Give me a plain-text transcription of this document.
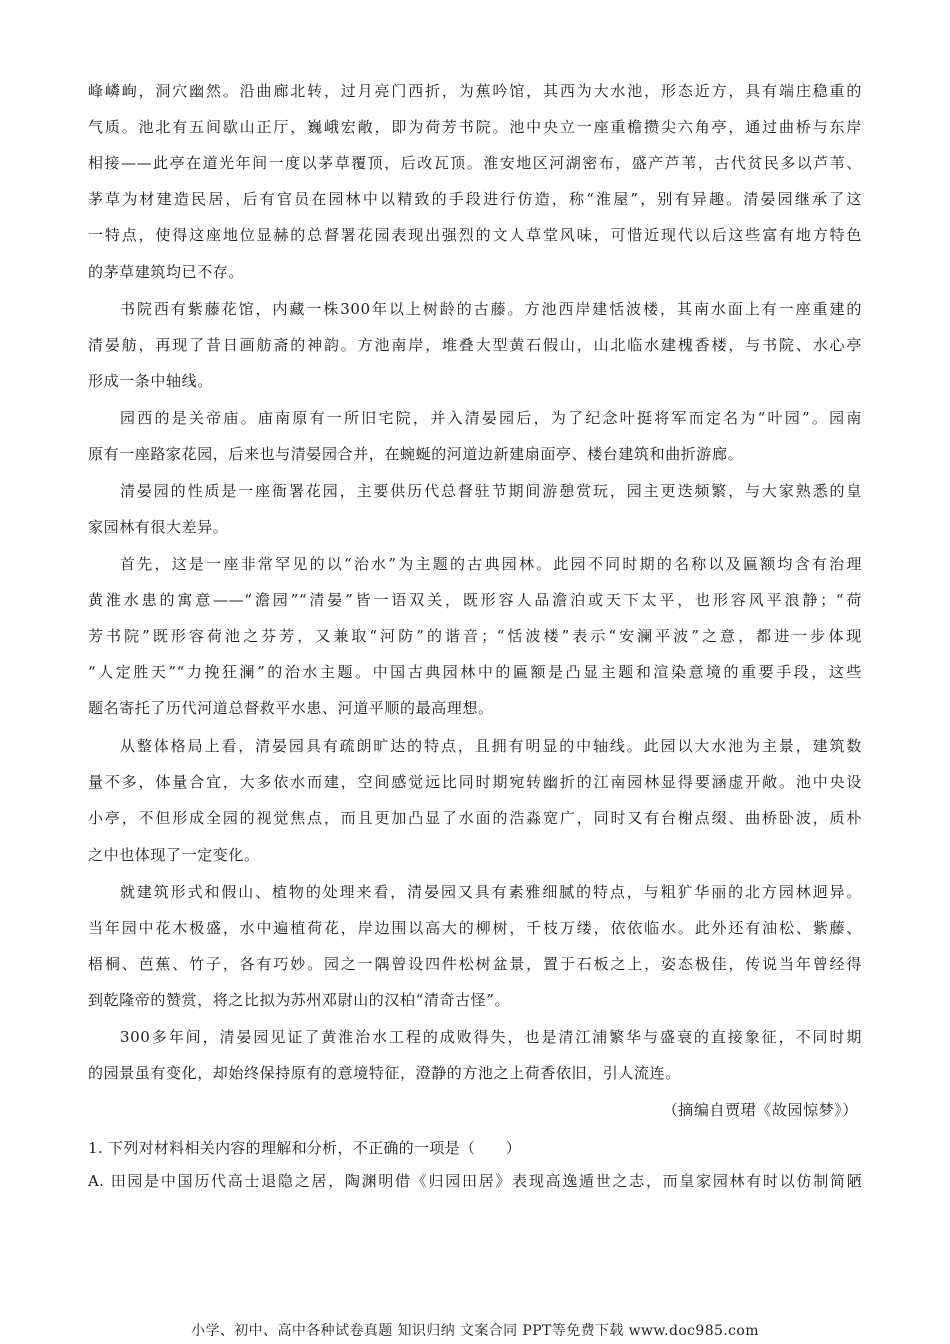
峰嶙峋，洞穴幽然。沿曲廊北转，过月亮门西折，为蕉吟馆，其西为大水池，形态近方，具有端庄稳重的
气质。池北有五间歇山正厅，巍峨宏敞，即为荷芳书院。池中央立一座重檐攒尖六角亭，通过曲桥与东岸
相接——此亭在道光年间一度以茅草覆顶，后改瓦顶。淮安地区河湖密布，盛产芦苇，古代贫民多以芦苇、
茅草为材建造民居，后有官员在园林中以精致的手段进行仿造，称“淮屋”，别有异趣。清晏园继承了这
一特点，使得这座地位显赫的总督署花园表现出强烈的文人草堂风味，可惜近现代以后这些富有地方特色
的茅草建筑均已不存。
书院西有紫藤花馆，内藏一株300年以上树龄的古藤。方池西岸建恬波楼，其南水面上有一座重建的
清晏舫，再现了昔日画舫斋的神韵。方池南岸，堆叠大型黄石假山，山北临水建槐香楼，与书院、水心亭
形成一条中轴线。
园西的是关帝庙。庙南原有一所旧宅院，并入清晏园后，为了纪念叶挺将军而定名为“叶园”。园南
原有一座路家花园，后来也与清晏园合并，在蜿蜒的河道边新建扇面亭、楼台建筑和曲折游廊。
清晏园的性质是一座衙署花园，主要供历代总督驻节期间游憩赏玩，园主更迭频繁，与大家熟悉的皇
家园林有很大差异。
首先，这是一座非常罕见的以“治水”为主题的古典园林。此园不同时期的名称以及匾额均含有治理
黄淮水患的寓意——“澹园”“清晏”皆一语双关，既形容人品澹泊或天下太平，也形容风平浪静；“荷
芳书院”既形容荷池之芬芳，又兼取“河防”的谐音；“恬波楼”表示“安澜平波”之意，都进一步体现
“人定胜天”“力挽狂澜”的治水主题。中国古典园林中的匾额是凸显主题和渲染意境的重要手段，这些
题名寄托了历代河道总督救平水患、河道平顺的最高理想。
从整体格局上看，清晏园具有疏朗旷达的特点，且拥有明显的中轴线。此园以大水池为主景，建筑数
量不多，体量合宜，大多依水而建，空间感觉远比同时期宛转幽折的江南园林显得要涵虚开敞。池中央设
小亭，不但形成全园的视觉焦点，而且更加凸显了水面的浩淼宽广，同时又有台榭点缀、曲桥卧波，质朴
之中也体现了一定变化。
就建筑形式和假山、植物的处理来看，清晏园又具有素雅细腻的特点，与粗犷华丽的北方园林迥异。
当年园中花木极盛，水中遍植荷花，岸边围以高大的柳树，千枝万缕，依依临水。此外还有油松、紫藤、
梧桐、芭蕉、竹子，各有巧妙。园之一隅曾设四件松树盆景，置于石板之上，姿态极佳，传说当年曾经得
到乾隆帝的赞赏，将之比拟为苏州邓尉山的汉柏“清奇古怪”。
300多年间，清晏园见证了黄淮治水工程的成败得失，也是清江浦繁华与盛衰的直接象征，不同时期
的园景虽有变化，却始终保持原有的意境特征，澄静的方池之上荷香依旧，引人流连。
（摘编自贾珺《故园惊梦》）
1. 下列对材料相关内容的理解和分析，不正确的一项是（　　）
A. 田园是中国历代高士退隐之居，陶渊明借《归园田居》表现高逸遁世之志，而皇家园林有时以仿制简陋
小学、初中、高中各种试卷真题 知识归纳 文案合同 PPT等免费下载 www.doc985.com
